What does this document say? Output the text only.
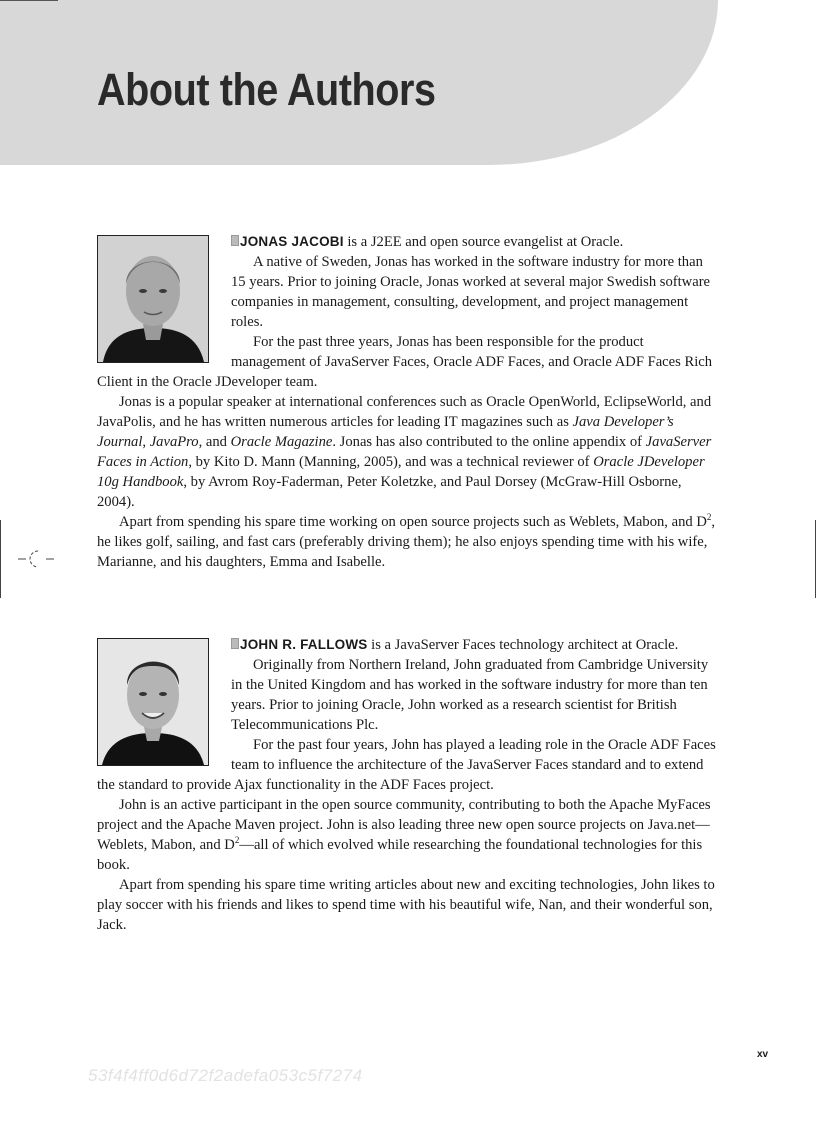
About the Authors

JONAS JACOBI is a J2EE and open source evangelist at Oracle.

A native of Sweden, Jonas has worked in the software industry for more than 15 years. Prior to joining Oracle, Jonas worked at several major Swedish software companies in management, consulting, development, and project management roles.

For the past three years, Jonas has been responsible for the product management of JavaServer Faces, Oracle ADF Faces, and Oracle ADF Faces Rich Client in the Oracle JDeveloper team.

Jonas is a popular speaker at international conferences such as Oracle OpenWorld, EclipseWorld, and JavaPolis, and he has written numerous articles for leading IT magazines such as Java Developer’s Journal, JavaPro, and Oracle Magazine. Jonas has also contributed to the online appendix of JavaServer Faces in Action, by Kito D. Mann (Manning, 2005), and was a technical reviewer of Oracle JDeveloper 10g Handbook, by Avrom Roy-Faderman, Peter Koletzke, and Paul Dorsey (McGraw-Hill Osborne, 2004).

Apart from spending his spare time working on open source projects such as Weblets, Mabon, and $D^2$, he likes golf, sailing, and fast cars (preferably driving them); he also enjoys spending time with his wife, Marianne, and his daughters, Emma and Isabelle.

JOHN R. FALLOWS is a JavaServer Faces technology architect at Oracle.

Originally from Northern Ireland, John graduated from Cambridge University in the United Kingdom and has worked in the software industry for more than ten years. Prior to joining Oracle, John worked as a research scientist for British Telecommunications Plc.

For the past four years, John has played a leading role in the Oracle ADF Faces team to influence the architecture of the JavaServer Faces standard and to extend the standard to provide Ajax functionality in the ADF Faces project.

John is an active participant in the open source community, contributing to both the Apache MyFaces project and the Apache Maven project. John is also leading three new open source projects on Java.net—Weblets, Mabon, and $D^2—all$ of which evolved while researching the foundational technologies for this book.

Apart from spending his spare time writing articles about new and exciting technologies, John likes to play soccer with his friends and likes to spend time with his beautiful wife, Nan, and their wonderful son, Jack.

xv
53f4f4ff0d6d72f2adefa053c5f7274
